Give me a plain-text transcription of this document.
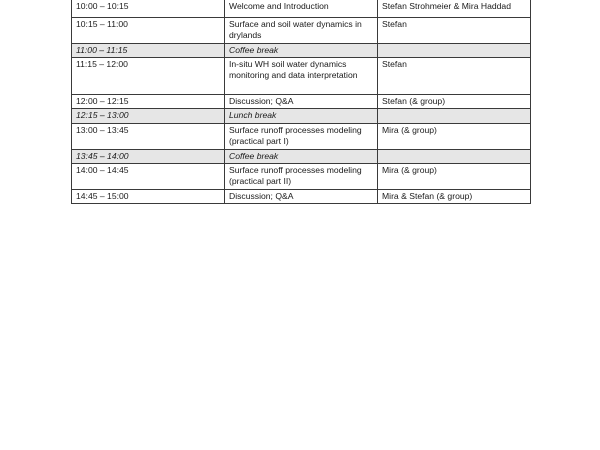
10:00 – 10:15	Welcome and Introduction	Stefan Strohmeier & Mira Haddad
10:15 – 11:00	Surface and soil water dynamics in drylands	Stefan
11:00 – 11:15	Coffee break	
11:15 – 12:00	In-situ WH soil water dynamics monitoring and data interpretation	Stefan
12:00 – 12:15	Discussion; Q&A	Stefan (& group)
12:15 – 13:00	Lunch break	
13:00 – 13:45	Surface runoff processes modeling (practical part I)	Mira (& group)
13:45 – 14:00	Coffee break	
14:00 – 14:45	Surface runoff processes modeling (practical part II)	Mira (& group)
14:45 – 15:00	Discussion; Q&A	Mira & Stefan (& group)
